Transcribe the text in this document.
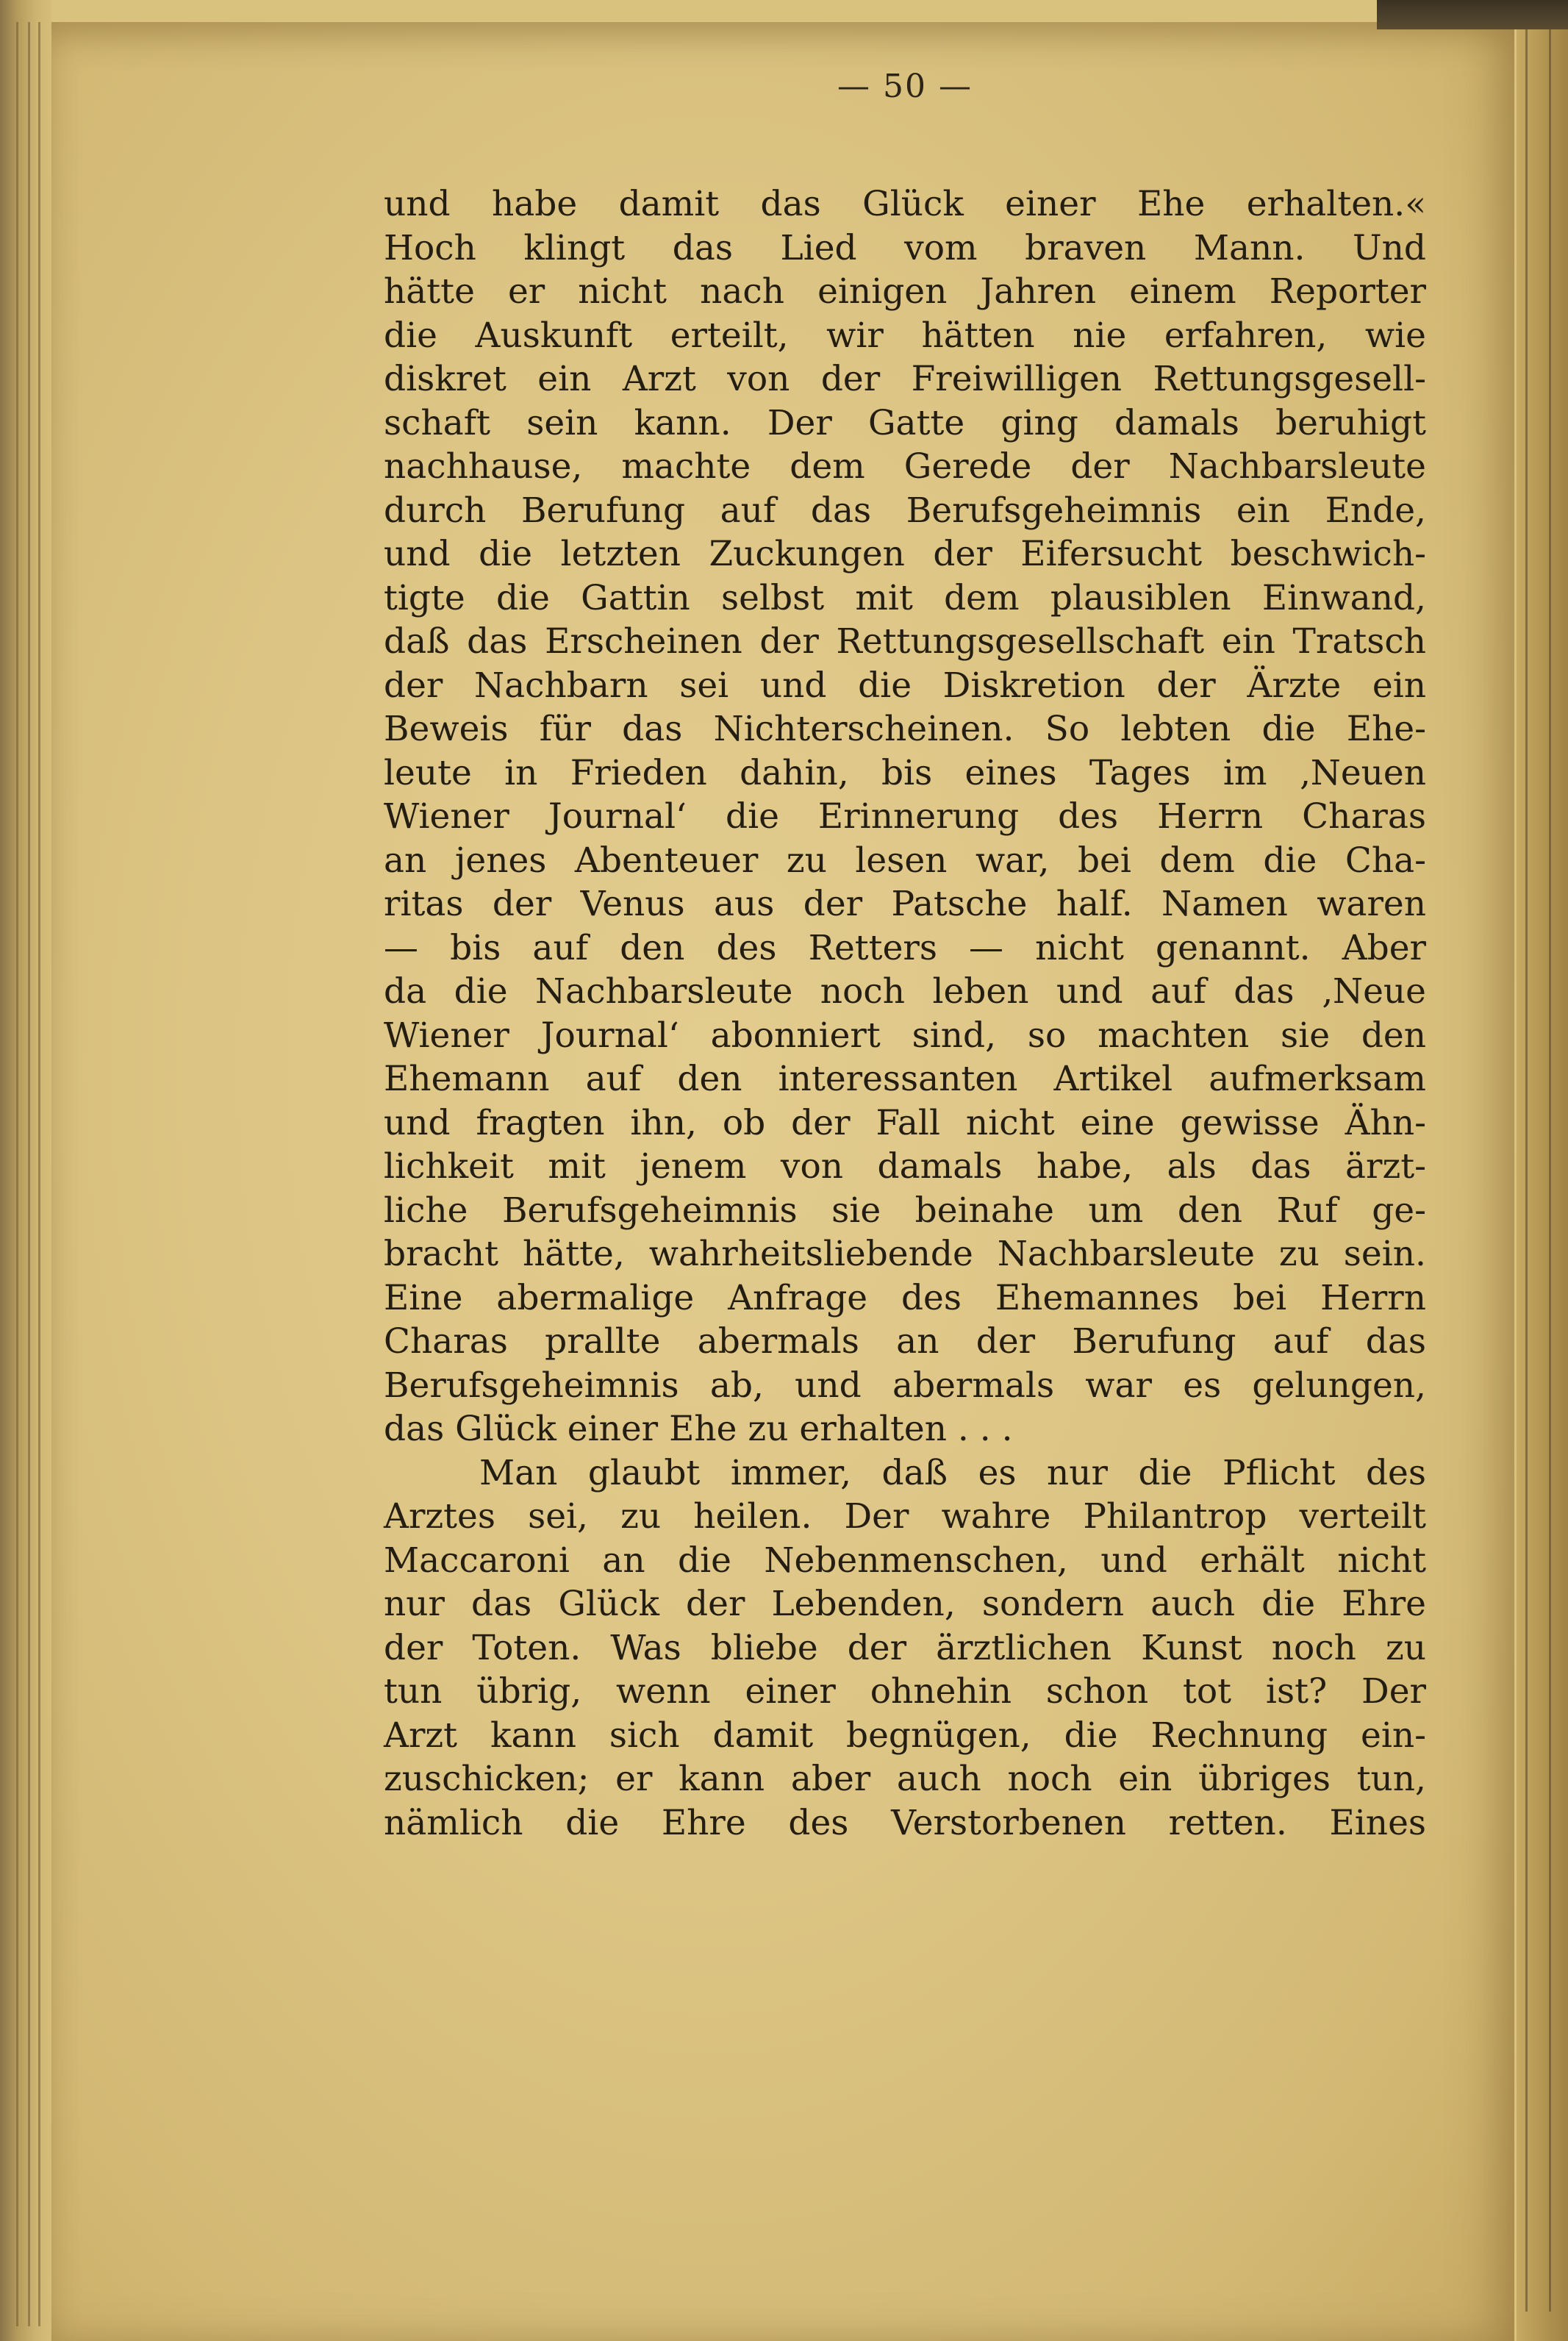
— 50 —
und habe damit das Glück einer Ehe erhalten.«
Hoch klingt das Lied vom braven Mann. Und
hätte er nicht nach einigen Jahren einem Reporter
die Auskunft erteilt, wir hätten nie erfahren, wie
diskret ein Arzt von der Freiwilligen Rettungsgesell-
schaft sein kann. Der Gatte ging damals beruhigt
nachhause, machte dem Gerede der Nachbarsleute
durch Berufung auf das Berufsgeheimnis ein Ende,
und die letzten Zuckungen der Eifersucht beschwich-
tigte die Gattin selbst mit dem plausiblen Einwand,
daß das Erscheinen der Rettungsgesellschaft ein Tratsch
der Nachbarn sei und die Diskretion der Ärzte ein
Beweis für das Nichterscheinen. So lebten die Ehe-
leute in Frieden dahin, bis eines Tages im ‚Neuen
Wiener Journal‘ die Erinnerung des Herrn Charas
an jenes Abenteuer zu lesen war, bei dem die Cha-
ritas der Venus aus der Patsche half. Namen waren
— bis auf den des Retters — nicht genannt. Aber
da die Nachbarsleute noch leben und auf das ‚Neue
Wiener Journal‘ abonniert sind, so machten sie den
Ehemann auf den interessanten Artikel aufmerksam
und fragten ihn, ob der Fall nicht eine gewisse Ähn-
lichkeit mit jenem von damals habe, als das ärzt-
liche Berufsgeheimnis sie beinahe um den Ruf ge-
bracht hätte, wahrheitsliebende Nachbarsleute zu sein.
Eine abermalige Anfrage des Ehemannes bei Herrn
Charas prallte abermals an der Berufung auf das
Berufsgeheimnis ab, und abermals war es gelungen,
das Glück einer Ehe zu erhalten . . .
Man glaubt immer, daß es nur die Pflicht des
Arztes sei, zu heilen. Der wahre Philantrop verteilt
Maccaroni an die Nebenmenschen, und erhält nicht
nur das Glück der Lebenden, sondern auch die Ehre
der Toten. Was bliebe der ärztlichen Kunst noch zu
tun übrig, wenn einer ohnehin schon tot ist? Der
Arzt kann sich damit begnügen, die Rechnung ein-
zuschicken; er kann aber auch noch ein übriges tun,
nämlich die Ehre des Verstorbenen retten. Eines
